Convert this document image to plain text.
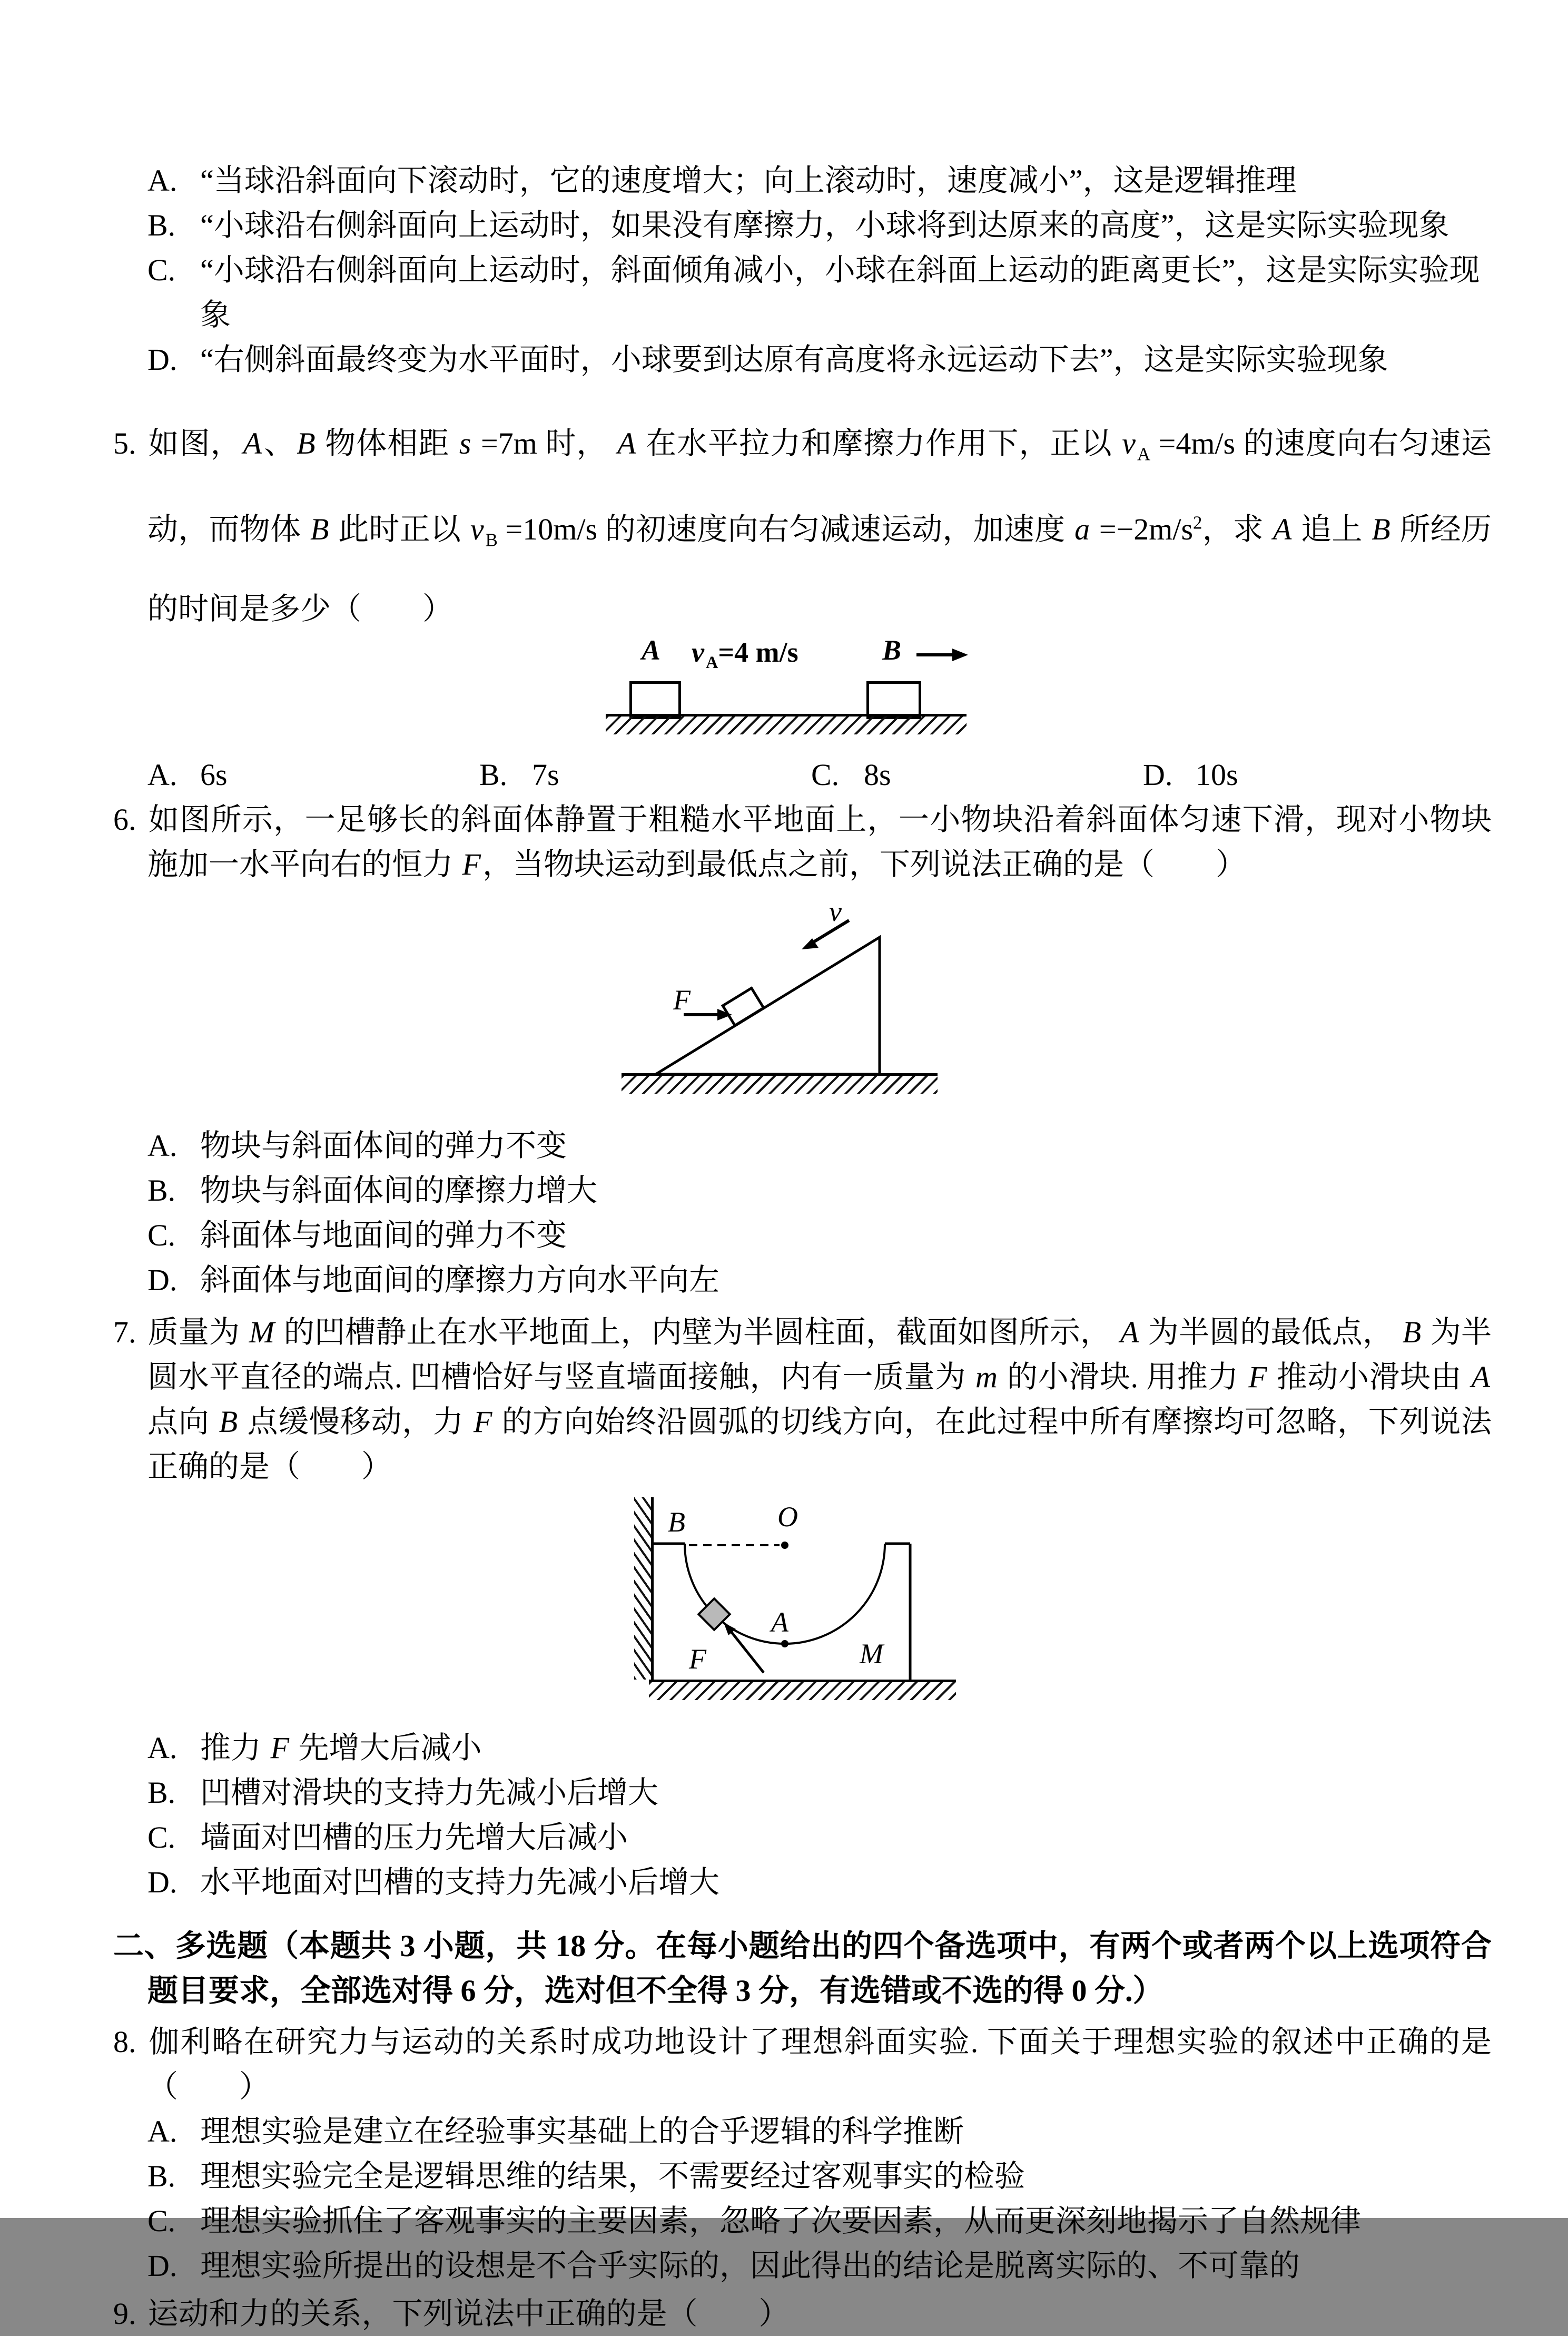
A. “当球沿斜面向下滚动时，它的速度增大；向上滚动时，速度减小”，这是逻辑推理
B. “小球沿右侧斜面向上运动时，如果没有摩擦力，小球将到达原来的高度”，这是实际实验现象
C. “小球沿右侧斜面向上运动时，斜面倾角减小，小球在斜面上运动的距离更长”，这是实际实验现象
D. “右侧斜面最终变为水平面时，小球要到达原有高度将永远运动下去”，这是实际实验现象

5. 如图，A、B 物体相距 s =7m 时， A 在水平拉力和摩擦力作用下，正以 $v_A =4m/s$ 的速度向右匀速运动，而物体 B 此时正以 $v_B =10m/s$ 的初速度向右匀减速运动，加速度 $a =-2m/s^2$，求 A 追上 B 所经历的时间是多少（　　）

A $v_A=4$ m/s	B
A. 6s	B. 7s	C. 8s	D. 10s

6. 如图所示，一足够长的斜面体静置于粗糙水平地面上，一小物块沿着斜面体匀速下滑，现对小物块施加一水平向右的恒力 F，当物块运动到最低点之前，下列说法正确的是（　　）

F
v
A. 物块与斜面体间的弹力不变
B. 物块与斜面体间的摩擦力增大
C. 斜面体与地面间的弹力不变
D. 斜面体与地面间的摩擦力方向水平向左

7. 质量为 M 的凹槽静止在水平地面上，内壁为半圆柱面，截面如图所示， A 为半圆的最低点， B 为半圆水平直径的端点. 凹槽恰好与竖直墙面接触，内有一质量为 m 的小滑块. 用推力 F 推动小滑块由 A 点向 B 点缓慢移动，力 F 的方向始终沿圆弧的切线方向，在此过程中所有摩擦均可忽略，下列说法正确的是（　　）

B	O
A
M
F
A. 推力 F 先增大后减小
B. 凹槽对滑块的支持力先减小后增大
C. 墙面对凹槽的压力先增大后减小
D. 水平地面对凹槽的支持力先减小后增大

二、多选题（本题共 3 小题，共 18 分。在每小题给出的四个备选项中，有两个或者两个以上选项符合题目要求，全部选对得 6 分，选对但不全得 3 分，有选错或不选的得 0 分.）

8. 伽利略在研究力与运动的关系时成功地设计了理想斜面实验. 下面关于理想实验的叙述中正确的是（　　）

A. 理想实验是建立在经验事实基础上的合乎逻辑的科学推断
B. 理想实验完全是逻辑思维的结果，不需要经过客观事实的检验
C. 理想实验抓住了客观事实的主要因素，忽略了次要因素，从而更深刻地揭示了自然规律
D. 理想实验所提出的设想是不合乎实际的，因此得出的结论是脱离实际的、不可靠的

9. 运动和力的关系，下列说法中正确的是（　　）
